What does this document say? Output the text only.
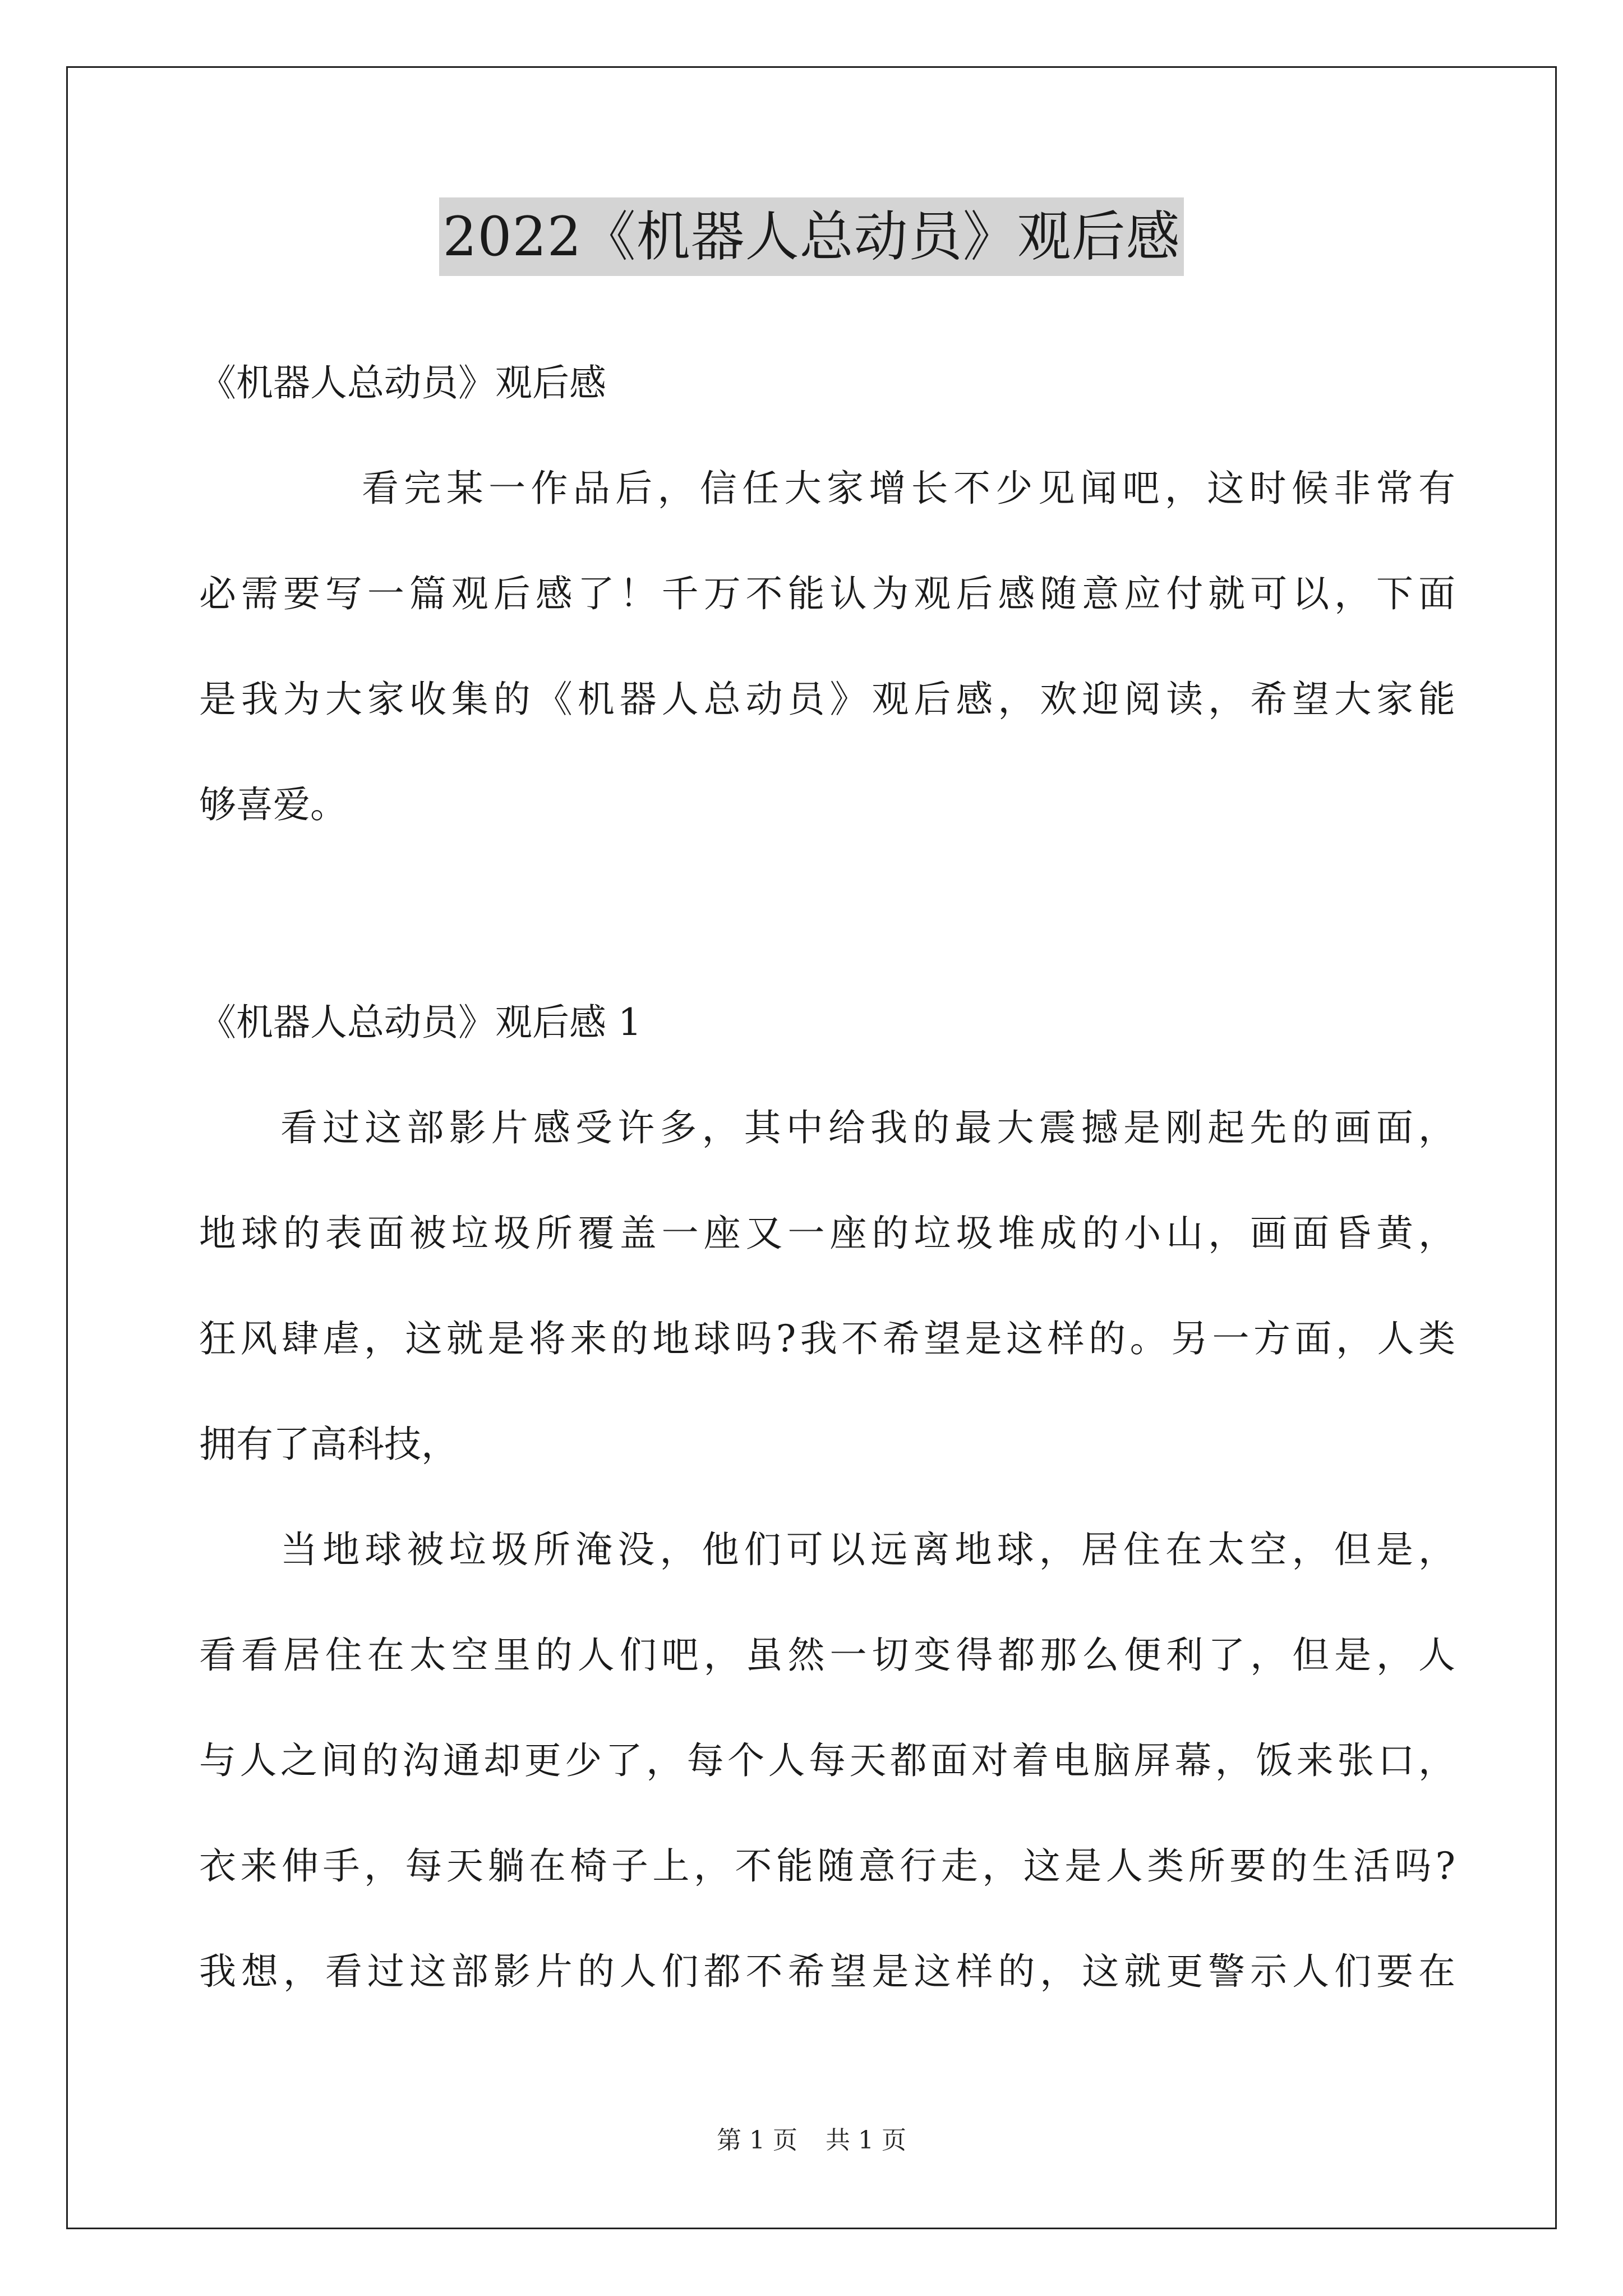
2022《机器人总动员》观后感
《机器人总动员》观后感
看完某一作品后，信任大家增长不少见闻吧，这时候非常有
必需要写一篇观后感了！千万不能认为观后感随意应付就可以，下面
是我为大家收集的《机器人总动员》观后感，欢迎阅读，希望大家能
够喜爱。
《机器人总动员》观后感 1
看过这部影片感受许多，其中给我的最大震撼是刚起先的画面，
地球的表面被垃圾所覆盖一座又一座的垃圾堆成的小山，画面昏黄，
狂风肆虐，这就是将来的地球吗?我不希望是这样的。另一方面，人类
拥有了高科技，
当地球被垃圾所淹没，他们可以远离地球，居住在太空，但是，
看看居住在太空里的人们吧，虽然一切变得都那么便利了，但是，人
与人之间的沟通却更少了，每个人每天都面对着电脑屏幕，饭来张口，
衣来伸手，每天躺在椅子上，不能随意行走，这是人类所要的生活吗?
我想，看过这部影片的人们都不希望是这样的，这就更警示人们要在
第 1 页 共 1 页
